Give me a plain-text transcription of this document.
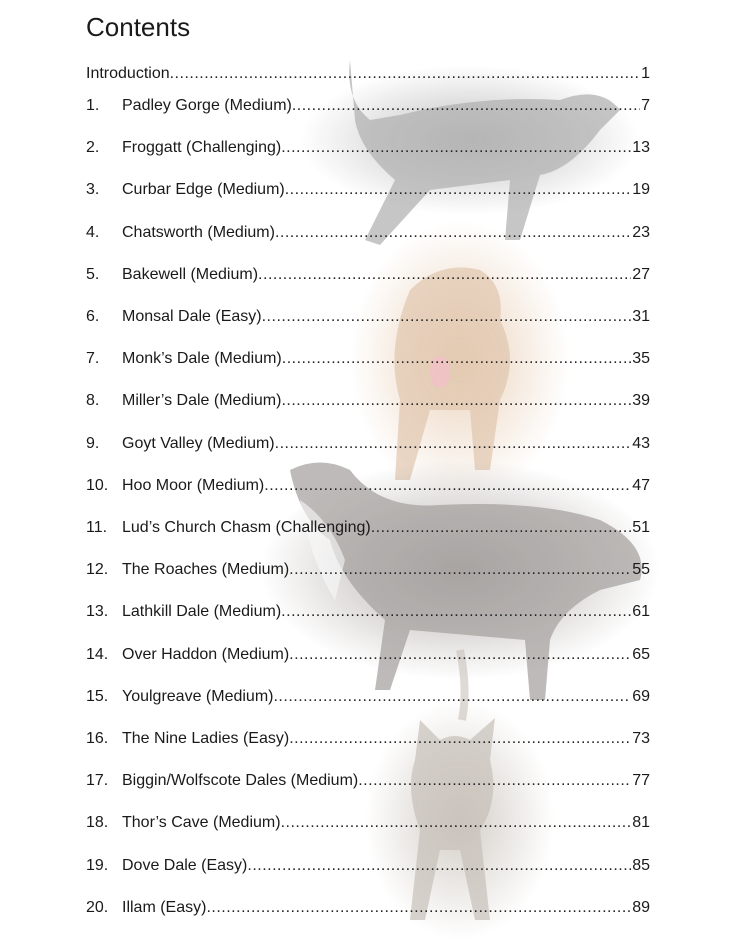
Contents
Introduction .....	1
1.	Padley Gorge (Medium) .....	7
2.	Froggatt (Challenging) .....	13
3.	Curbar Edge (Medium) .....	19
4.	Chatsworth (Medium) .....	23
5.	Bakewell (Medium) .....	27
6.	Monsal Dale (Easy) .....	31
7.	Monk’s Dale (Medium) .....	35
8.	Miller’s Dale (Medium) .....	39
9.	Goyt Valley (Medium) .....	43
10. Hoo Moor (Medium) .....	47
11. Lud’s Church Chasm (Challenging) .....	51
12. The Roaches (Medium) .....	55
13. Lathkill Dale (Medium) .....	61
14. Over Haddon (Medium) .....	65
15. Youlgreave (Medium) .....	69
16. The Nine Ladies (Easy) .....	73
17. Biggin/Wolfscote Dales (Medium) .....	77
18. Thor’s Cave (Medium) .....	81
19. Dove Dale (Easy) .....	85
20. Illam (Easy) .....	89
